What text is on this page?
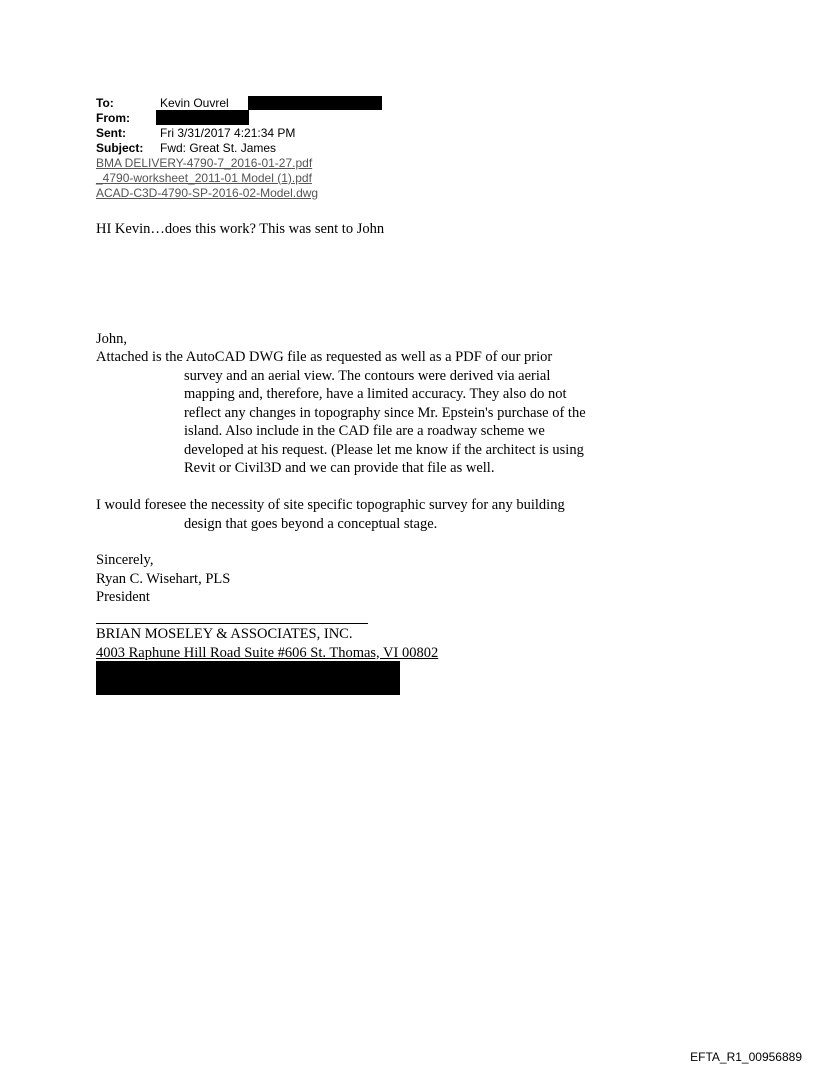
To:	Kevin Ouvrel
From:
Sent:	Fri 3/31/2017 4:21:34 PM
Subject: Fwd: Great St. James
BMA DELIVERY-4790-7_2016-01-27.pdf
_4790-worksheet_2011-01 Model (1).pdf
ACAD-C3D-4790-SP-2016-02-Model.dwg
HI Kevin…does this work? This was sent to John
John,
Attached is the AutoCAD DWG file as requested as well as a PDF of our prior
survey and an aerial view. The contours were derived via aerial
mapping and, therefore, have a limited accuracy. They also do not
reflect any changes in topography since Mr. Epstein's purchase of the
island. Also include in the CAD file are a roadway scheme we
developed at his request. (Please let me know if the architect is using
Revit or Civil3D and we can provide that file as well.
I would foresee the necessity of site specific topographic survey for any building
design that goes beyond a conceptual stage.
Sincerely,
Ryan C. Wisehart, PLS
President
BRIAN MOSELEY & ASSOCIATES, INC.
4003 Raphune Hill Road Suite #606 St. Thomas, VI 00802
EFTA_R1_00956889
